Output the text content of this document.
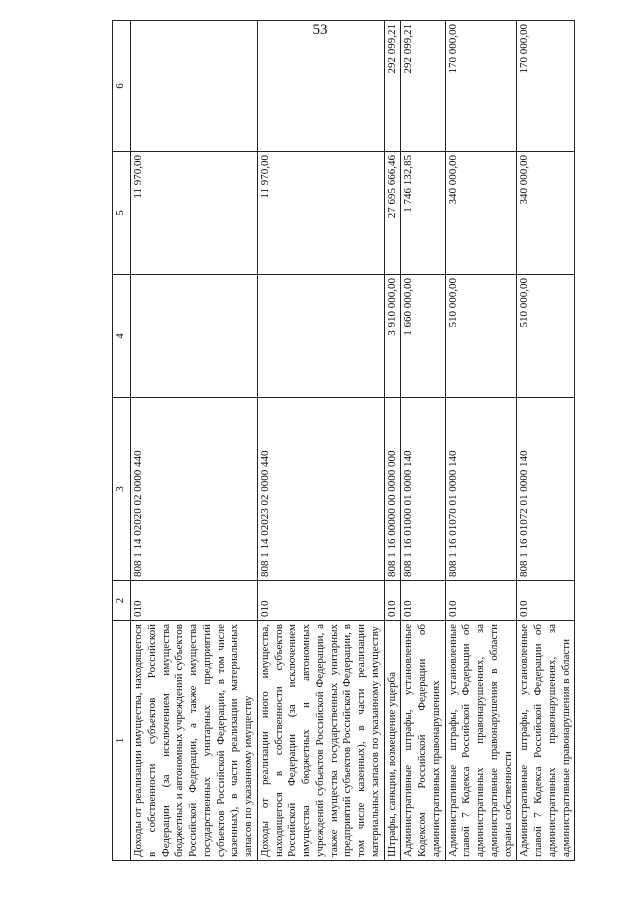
53
1	2	3	4	5	6
Доходы от реализации имущества, находящегося в собственности субъектов Российской Федерации (за исключением имущества бюджетных и автономных учреждений субъектов Российской Федерации, а также имущества государственных унитарных предприятий субъектов Российской Федерации, в том числе казенных), в части реализации материальных запасов по указанному имуществу	010	808 1 14 02020 02 0000 440		11 970,00	
Доходы от реализации иного имущества, находящегося в собственности субъектов Российской Федерации (за исключением имущества бюджетных и автономных учреждений субъектов Российской Федерации, а также имущества государственных унитарных предприятий субъектов Российской Федерации, в том числе казенных), в части реализации материальных запасов по указанному имуществу	010	808 1 14 02023 02 0000 440		11 970,00	
Штрафы, санкции, возмещение ущерба	010	808 1 16 00000 00 0000 000	3 910 000,00	27 695 666,46	292 099,21
Административные штрафы, установленные Кодексом Российской Федерации об административных правонарушениях	010	808 1 16 01000 01 0000 140	1 660 000,00	1 746 132,85	292 099,21
Административные штрафы, установленные главой 7 Кодекса Российской Федерации об административных правонарушениях, за административные правонарушения в области охраны собственности	010	808 1 16 01070 01 0000 140	510 000,00	340 000,00	170 000,00
Административные штрафы, установленные главой 7 Кодекса Российской Федерации об административных правонарушениях, за административные правонарушения в области	010	808 1 16 01072 01 0000 140	510 000,00	340 000,00	170 000,00
